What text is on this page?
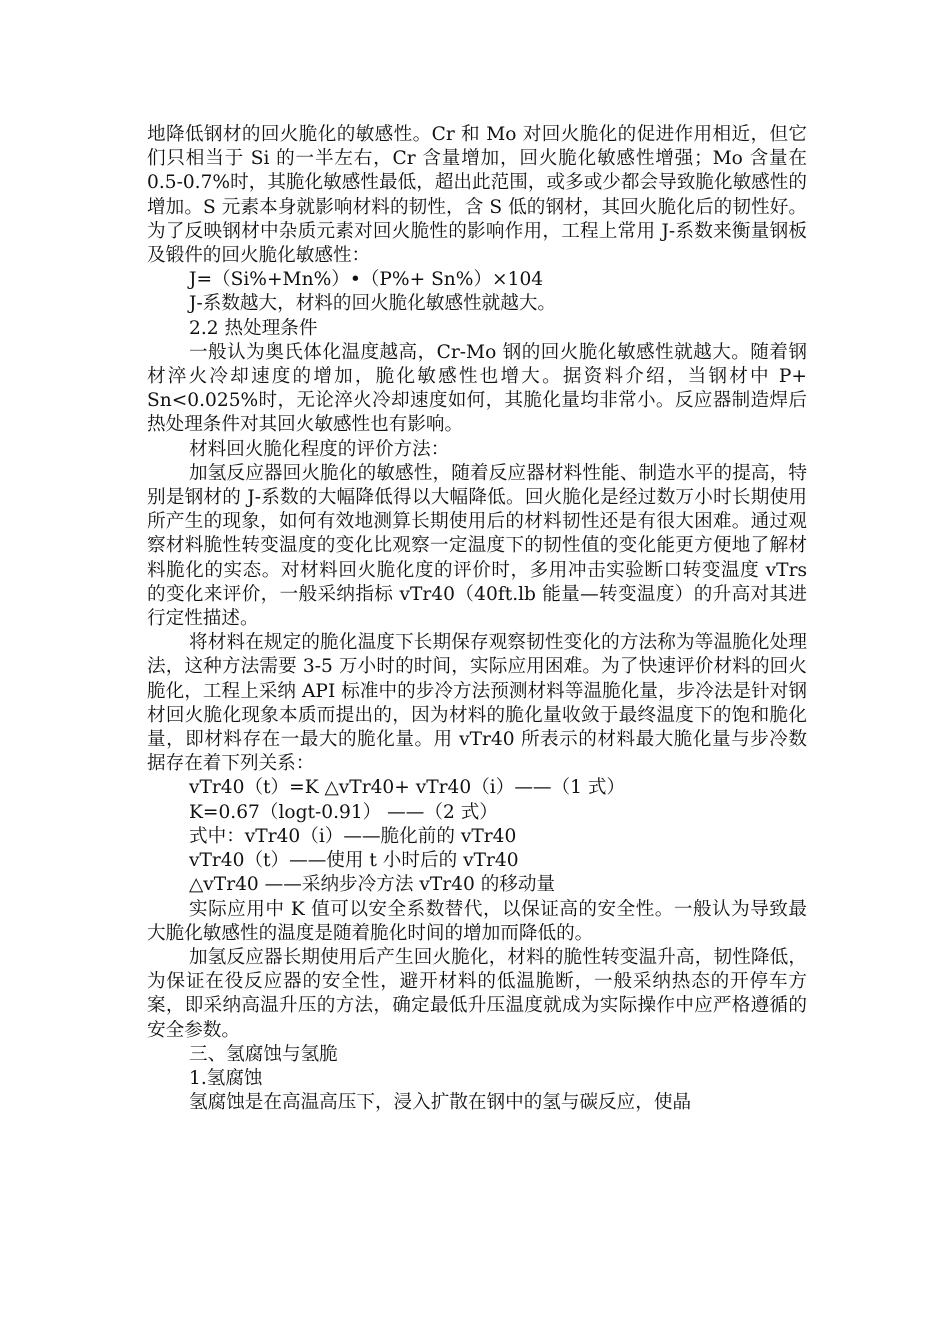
地降低钢材的回火脆化的敏感性。Cr 和 Mo 对回火脆化的促进作用相近，但它们只相当于 Si 的一半左右，Cr 含量增加，回火脆化敏感性增强；Mo 含量在 0.5-0.7%时，其脆化敏感性最低，超出此范围，或多或少都会导致脆化敏感性的增加。S 元素本身就影响材料的韧性，含 S 低的钢材，其回火脆化后的韧性好。为了反映钢材中杂质元素对回火脆性的影响作用，工程上常用 J-系数来衡量钢板及锻件的回火脆化敏感性：

J=（Si%+Mn%）•（P%+ Sn%）×104

J-系数越大，材料的回火脆化敏感性就越大。

2.2 热处理条件

一般认为奥氏体化温度越高，Cr-Mo 钢的回火脆化敏感性就越大。随着钢材淬火冷却速度的增加，脆化敏感性也增大。据资料介绍，当钢材中 P+ Sn<0.025%时，无论淬火冷却速度如何，其脆化量均非常小。反应器制造焊后热处理条件对其回火敏感性也有影响。

材料回火脆化程度的评价方法：

加氢反应器回火脆化的敏感性，随着反应器材料性能、制造水平的提高，特别是钢材的 J-系数的大幅降低得以大幅降低。回火脆化是经过数万小时长期使用所产生的现象，如何有效地测算长期使用后的材料韧性还是有很大困难。通过观察材料脆性转变温度的变化比观察一定温度下的韧性值的变化能更方便地了解材料脆化的实态。对材料回火脆化度的评价时，多用冲击实验断口转变温度 vTrs 的变化来评价，一般采纳指标 vTr40（40ft.lb 能量—转变温度）的升高对其进行定性描述。

将材料在规定的脆化温度下长期保存观察韧性变化的方法称为等温脆化处理法，这种方法需要 3-5 万小时的时间，实际应用困难。为了快速评价材料的回火脆化，工程上采纳 API 标准中的步冷方法预测材料等温脆化量，步冷法是针对钢材回火脆化现象本质而提出的，因为材料的脆化量收敛于最终温度下的饱和脆化量，即材料存在一最大的脆化量。用 vTr40 所表示的材料最大脆化量与步冷数据存在着下列关系：

vTr40（t）=K △vTr40+ vTr40（i）——（1 式）

K=0.67（logt-0.91） ——（2 式）

式中：vTr40（i）——脆化前的 vTr40

vTr40（t）——使用 t 小时后的 vTr40

△vTr40 ——采纳步冷方法 vTr40 的移动量

实际应用中 K 值可以安全系数替代，以保证高的安全性。一般认为导致最大脆化敏感性的温度是随着脆化时间的增加而降低的。

加氢反应器长期使用后产生回火脆化，材料的脆性转变温升高，韧性降低，为保证在役反应器的安全性，避开材料的低温脆断，一般采纳热态的开停车方案，即采纳高温升压的方法，确定最低升压温度就成为实际操作中应严格遵循的安全参数。

三、氢腐蚀与氢脆

1.氢腐蚀

氢腐蚀是在高温高压下，浸入扩散在钢中的氢与碳反应，使晶
